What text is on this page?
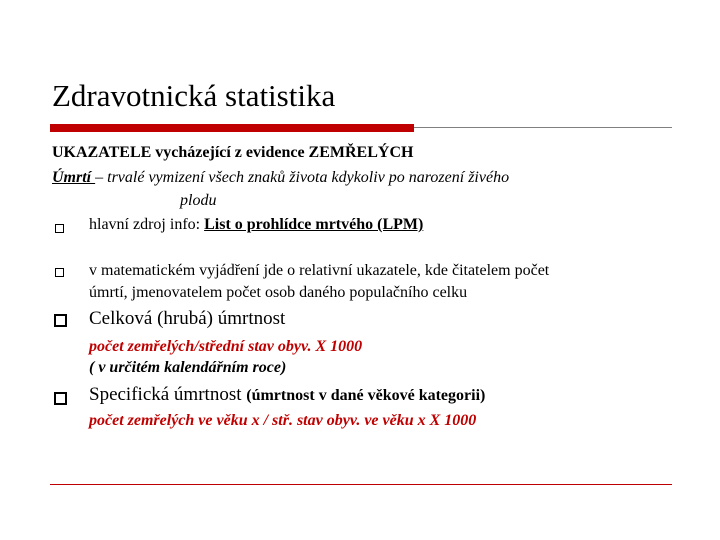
Zdravotnická statistika
UKAZATELE vycházející z evidence ZEMŘELÝCH
Úmrtí – trvalé vymizení všech znaků života kdykoliv po narození živého
plodu
hlavní zdroj info: List o prohlídce mrtvého (LPM)
v matematickém vyjádření jde o relativní ukazatele, kde čitatelem počet
úmrtí, jmenovatelem počet osob daného populačního celku
Celková (hrubá) úmrtnost
počet zemřelých/střední stav obyv. X 1000
( v určitém kalendářním roce)
Specifická úmrtnost (úmrtnost v dané věkové kategorii)
počet zemřelých ve věku x / stř. stav obyv. ve věku x X 1000
